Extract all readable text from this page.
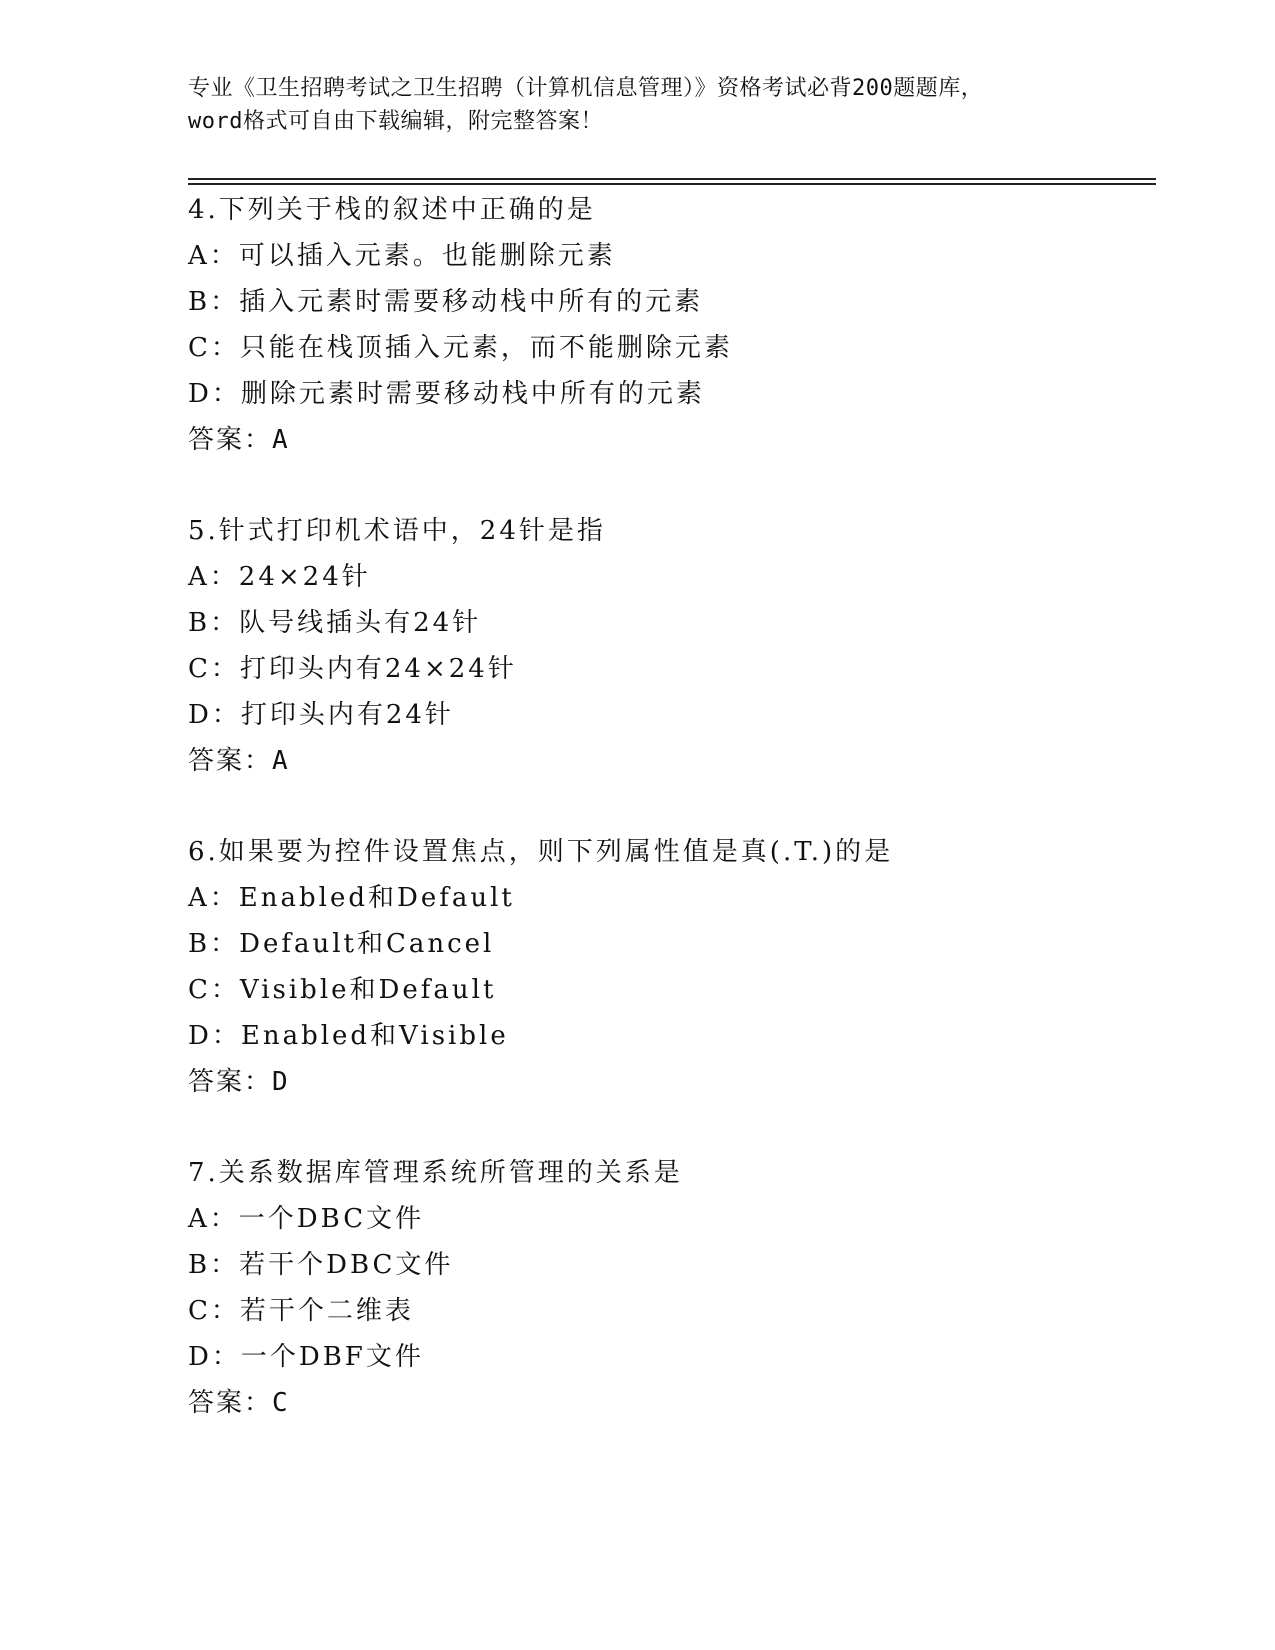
专业《卫生招聘考试之卫生招聘（计算机信息管理）》资格考试必背200题题库，
word格式可自由下载编辑，附完整答案！
4.下列关于栈的叙述中正确的是
A：可以插入元素。也能删除元素
B：插入元素时需要移动栈中所有的元素
C：只能在栈顶插入元素，而不能删除元素
D：删除元素时需要移动栈中所有的元素
答案：A
5.针式打印机术语中，24针是指
A：24×24针
B：队号线插头有24针
C：打印头内有24×24针
D：打印头内有24针
答案：A
6.如果要为控件设置焦点，则下列属性值是真(.T.)的是
A：Enabled和Default
B：Default和Cancel
C：Visible和Default
D：Enabled和Visible
答案：D
7.关系数据库管理系统所管理的关系是
A：一个DBC文件
B：若干个DBC文件
C：若干个二维表
D：一个DBF文件
答案：C
